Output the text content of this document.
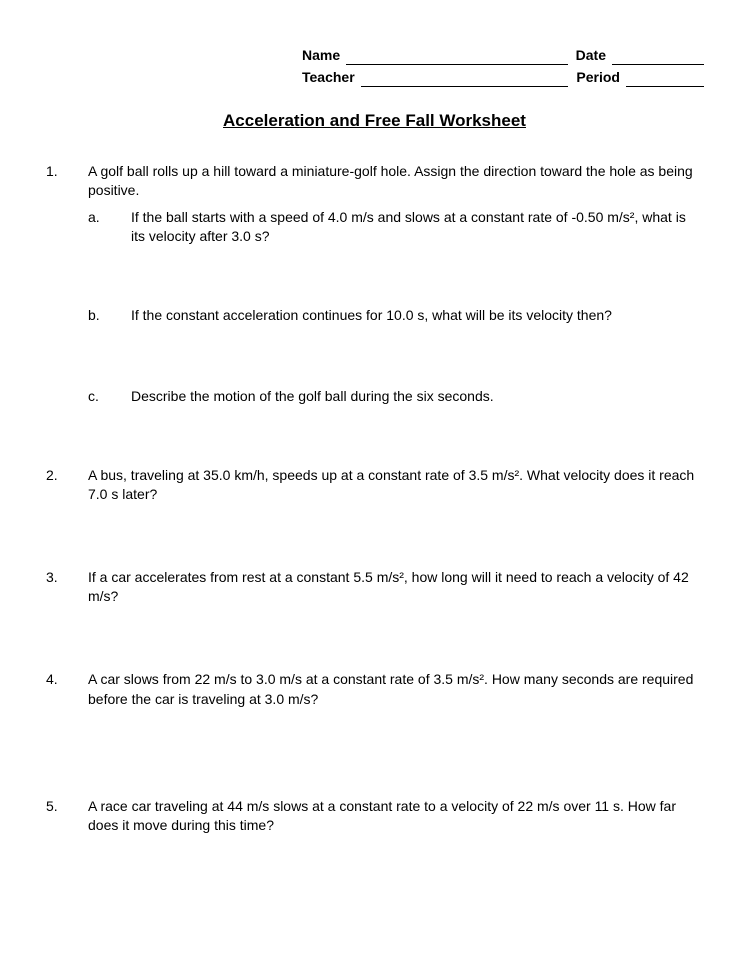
Name	Date
Teacher	Period
Acceleration and Free Fall Worksheet
1.	A golf ball rolls up a hill toward a miniature-golf hole. Assign the direction toward the hole as being positive.
a.	If the ball starts with a speed of 4.0 m/s and slows at a constant rate of -0.50 m/s², what is its velocity after 3.0 s?
b.	If the constant acceleration continues for 10.0 s, what will be its velocity then?
c.	Describe the motion of the golf ball during the six seconds.
2.	A bus, traveling at 35.0 km/h, speeds up at a constant rate of 3.5 m/s². What velocity does it reach 7.0 s later?
3.	If a car accelerates from rest at a constant 5.5 m/s², how long will it need to reach a velocity of 42 m/s?
4.	A car slows from 22 m/s to 3.0 m/s at a constant rate of 3.5 m/s². How many seconds are required before the car is traveling at 3.0 m/s?
5.	A race car traveling at 44 m/s slows at a constant rate to a velocity of 22 m/s over 11 s. How far does it move during this time?
